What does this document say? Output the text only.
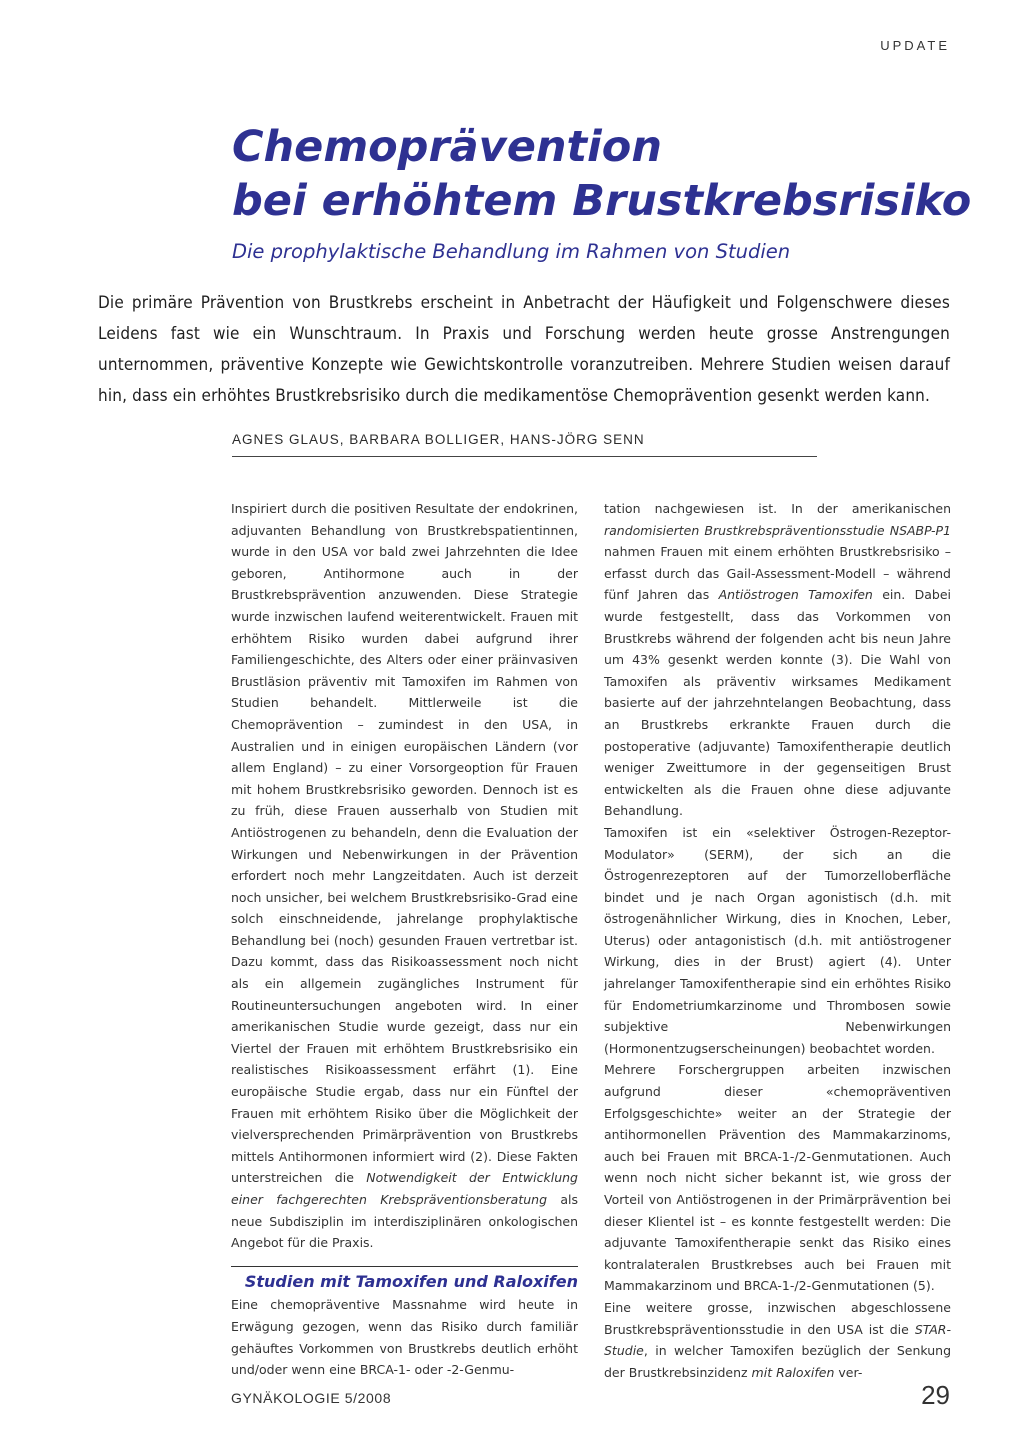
UPDATE
Chemoprävention
bei erhöhtem Brustkrebsrisiko

Die prophylaktische Behandlung im Rahmen von Studien

Die primäre Prävention von Brustkrebs erscheint in Anbetracht der Häufigkeit und Folgenschwere dieses Leidens fast wie ein Wunschtraum. In Praxis und Forschung werden heute grosse Anstrengungen unternommen, präventive Konzepte wie Gewichtskontrolle voranzutreiben. Mehrere Studien weisen darauf hin, dass ein erhöhtes Brustkrebsrisiko durch die medikamentöse Chemoprävention gesenkt werden kann.

AGNES GLAUS, BARBARA BOLLIGER, HANS-JÖRG SENN

Inspiriert durch die positiven Resultate der endokrinen, adjuvanten Behandlung von Brustkrebspatientinnen, wurde in den USA vor bald zwei Jahrzehnten die Idee geboren, Antihormone auch in der Brustkrebsprävention anzuwenden. Diese Strategie wurde inzwischen laufend weiterentwickelt. Frauen mit erhöhtem Risiko wurden dabei aufgrund ihrer Familiengeschichte, des Alters oder einer präinvasiven Brustläsion präventiv mit Tamoxifen im Rahmen von Studien behandelt. Mittlerweile ist die Chemoprävention – zumindest in den USA, in Australien und in einigen europäischen Ländern (vor allem England) – zu einer Vorsorgeoption für Frauen mit hohem Brustkrebsrisiko geworden. Dennoch ist es zu früh, diese Frauen ausserhalb von Studien mit Antiöstrogenen zu behandeln, denn die Evaluation der Wirkungen und Nebenwirkungen in der Prävention erfordert noch mehr Langzeitdaten. Auch ist derzeit noch unsicher, bei welchem Brustkrebsrisiko-Grad eine solch einschneidende, jahrelange prophylaktische Behandlung bei (noch) gesunden Frauen vertretbar ist. Dazu kommt, dass das Risikoassessment noch nicht als ein allgemein zugängliches Instrument für Routineuntersuchungen angeboten wird. In einer amerikanischen Studie wurde gezeigt, dass nur ein Viertel der Frauen mit erhöhtem Brustkrebsrisiko ein realistisches Risikoassessment erfährt (1). Eine europäische Studie ergab, dass nur ein Fünftel der Frauen mit erhöhtem Risiko über die Möglichkeit der vielversprechenden Primärprävention von Brustkrebs mittels Antihormonen informiert wird (2). Diese Fakten unterstreichen die Notwendigkeit der Entwicklung einer fachgerechten Krebspräventionsberatung als neue Subdisziplin im interdisziplinären onkologischen Angebot für die Praxis.

Studien mit Tamoxifen und Raloxifen

Eine chemopräventive Massnahme wird heute in Erwägung gezogen, wenn das Risiko durch familiär gehäuftes Vorkommen von Brustkrebs deutlich erhöht und/oder wenn eine BRCA-1- oder -2-Genmu-

tation nachgewiesen ist. In der amerikanischen randomisierten Brustkrebspräventionsstudie NSABP-P1 nahmen Frauen mit einem erhöhten Brustkrebsrisiko – erfasst durch das Gail-Assessment-Modell – während fünf Jahren das Antiöstrogen Tamoxifen ein. Dabei wurde festgestellt, dass das Vorkommen von Brustkrebs während der folgenden acht bis neun Jahre um 43% gesenkt werden konnte (3). Die Wahl von Tamoxifen als präventiv wirksames Medikament basierte auf der jahrzehntelangen Beobachtung, dass an Brustkrebs erkrankte Frauen durch die postoperative (adjuvante) Tamoxifentherapie deutlich weniger Zweittumore in der gegenseitigen Brust entwickelten als die Frauen ohne diese adjuvante Behandlung.

Tamoxifen ist ein «selektiver Östrogen-Rezeptor-Modulator» (SERM), der sich an die Östrogenrezeptoren auf der Tumorzelloberfläche bindet und je nach Organ agonistisch (d.h. mit östrogenähnlicher Wirkung, dies in Knochen, Leber, Uterus) oder antagonistisch (d.h. mit antiöstrogener Wirkung, dies in der Brust) agiert (4). Unter jahrelanger Tamoxifentherapie sind ein erhöhtes Risiko für Endometriumkarzinome und Thrombosen sowie subjektive Nebenwirkungen (Hormonentzugserscheinungen) beobachtet worden.

Mehrere Forschergruppen arbeiten inzwischen aufgrund dieser «chemopräventiven Erfolgsgeschichte» weiter an der Strategie der antihormonellen Prävention des Mammakarzinoms, auch bei Frauen mit BRCA-1-/2-Genmutationen. Auch wenn noch nicht sicher bekannt ist, wie gross der Vorteil von Antiöstrogenen in der Primärprävention bei dieser Klientel ist – es konnte festgestellt werden: Die adjuvante Tamoxifentherapie senkt das Risiko eines kontralateralen Brustkrebses auch bei Frauen mit Mammakarzinom und BRCA-1-/2-Genmutationen (5).

Eine weitere grosse, inzwischen abgeschlossene Brustkrebspräventionsstudie in den USA ist die STAR-Studie, in welcher Tamoxifen bezüglich der Senkung der Brustkrebsinzidenz mit Raloxifen ver-

GYNÄKOLOGIE 5/2008	29
